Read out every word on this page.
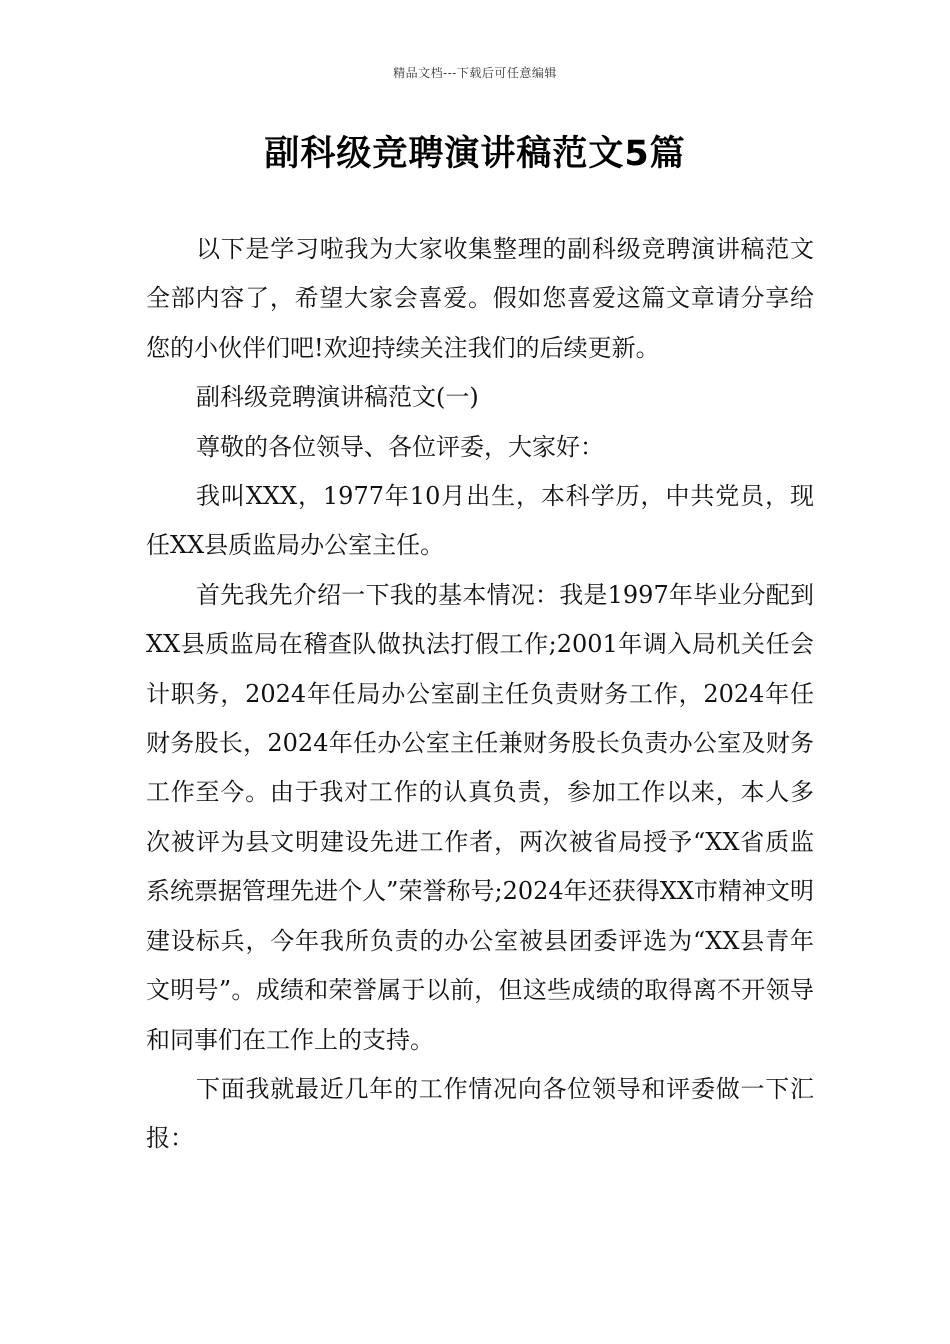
精品文档---下载后可任意编辑
副科级竞聘演讲稿范文5篇

以下是学习啦我为大家收集整理的副科级竞聘演讲稿范文全部内容了，希望大家会喜爱。假如您喜爱这篇文章请分享给您的小伙伴们吧!欢迎持续关注我们的后续更新。

副科级竞聘演讲稿范文(一)

尊敬的各位领导、各位评委，大家好：

我叫XXX，1977年10月出生，本科学历，中共党员，现任XX县质监局办公室主任。

首先我先介绍一下我的基本情况：我是1997年毕业分配到XX县质监局在稽查队做执法打假工作;2001年调入局机关任会计职务，2024年任局办公室副主任负责财务工作，2024年任财务股长，2024年任办公室主任兼财务股长负责办公室及财务工作至今。由于我对工作的认真负责，参加工作以来，本人多次被评为县文明建设先进工作者，两次被省局授予“XX省质监系统票据管理先进个人”荣誉称号;2024年还获得XX市精神文明建设标兵，今年我所负责的办公室被县团委评选为“XX县青年文明号”。成绩和荣誉属于以前，但这些成绩的取得离不开领导和同事们在工作上的支持。

下面我就最近几年的工作情况向各位领导和评委做一下汇报：
